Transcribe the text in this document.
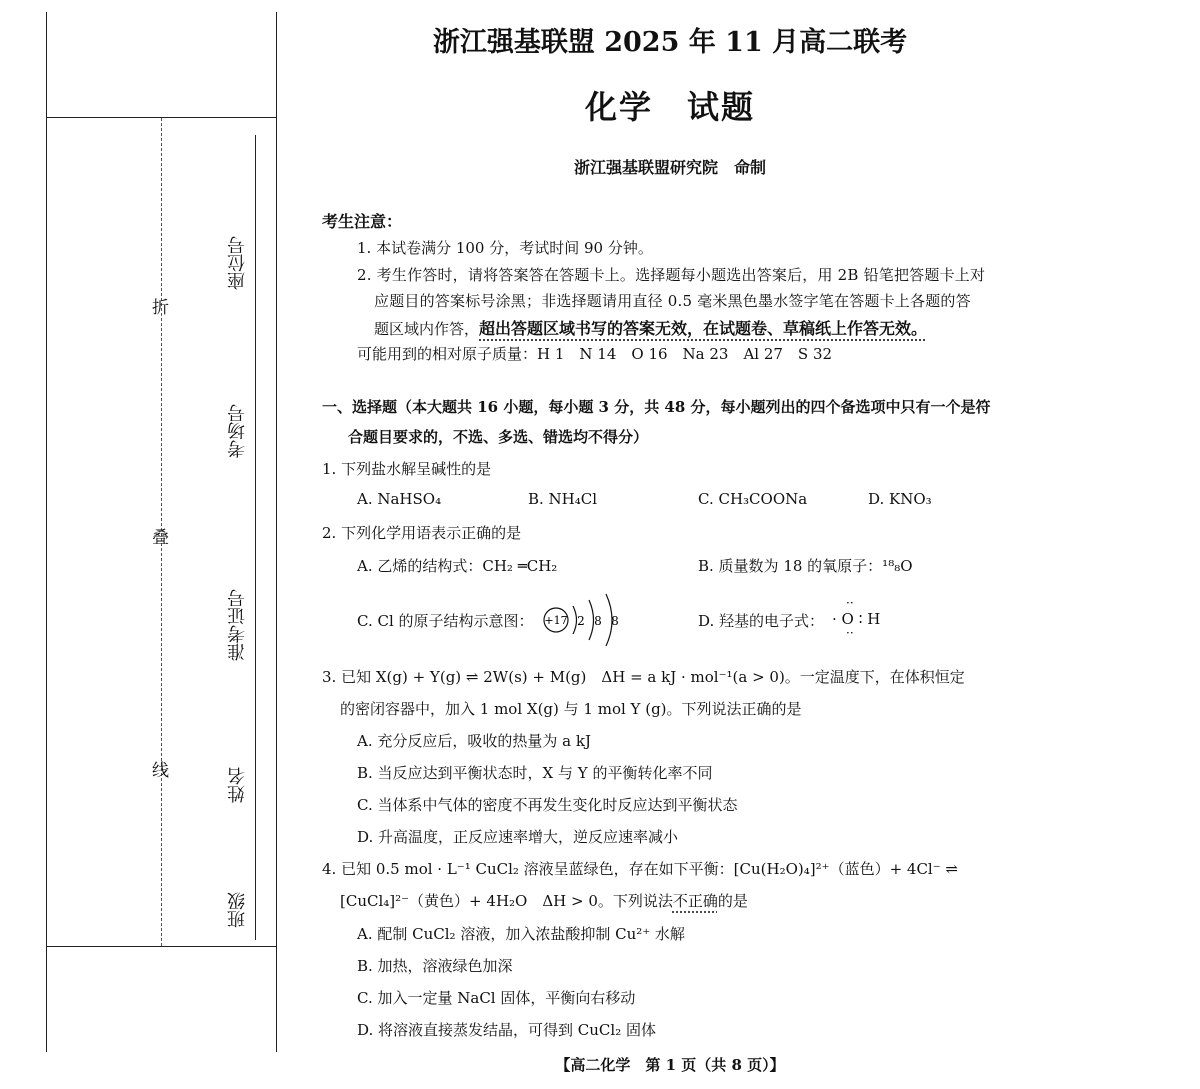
折
叠
线
座位号
考场号
准考证号
姓名
班级
浙江强基联盟 2025 年 11 月高二联考
化学　试题
浙江强基联盟研究院　命制
考生注意：
1. 本试卷满分 100 分，考试时间 90 分钟。
2. 考生作答时，请将答案答在答题卡上。选择题每小题选出答案后，用 2B 铅笔把答题卡上对
应题目的答案标号涂黑；非选择题请用直径 0.5 毫米黑色墨水签字笔在答题卡上各题的答
题区域内作答，超出答题区域书写的答案无效，在试题卷、草稿纸上作答无效。
可能用到的相对原子质量：H 1　N 14　O 16　Na 23　Al 27　S 32
一、选择题（本大题共 16 小题，每小题 3 分，共 48 分，每小题列出的四个备选项中只有一个是符
合题目要求的，不选、多选、错选均不得分）
1. 下列盐水解呈碱性的是
A. NaHSO₄	B. NH₄Cl	C. CH₃COONa	D. KNO₃
2. 下列化学用语表示正确的是
A. 乙烯的结构式：CH₂ ═CH₂	B. 质量数为 18 的氧原子：¹⁸₈O
C. Cl 的原子结构示意图： +17 2 8 8	D. 羟基的电子式： · O ∶ H
··
··
3. 已知 X(g) + Y(g) ⇌ 2W(s) + M(g)　ΔH = a kJ · mol⁻¹(a > 0)。一定温度下，在体积恒定
的密闭容器中，加入 1 mol X(g) 与 1 mol Y (g)。下列说法正确的是
A. 充分反应后，吸收的热量为 a kJ
B. 当反应达到平衡状态时，X 与 Y 的平衡转化率不同
C. 当体系中气体的密度不再发生变化时反应达到平衡状态
D. 升高温度，正反应速率增大，逆反应速率减小
4. 已知 0.5 mol · L⁻¹ CuCl₂ 溶液呈蓝绿色，存在如下平衡：[Cu(H₂O)₄]²⁺（蓝色）+ 4Cl⁻ ⇌
[CuCl₄]²⁻（黄色）+ 4H₂O　ΔH > 0。下列说法不正确的是
A. 配制 CuCl₂ 溶液，加入浓盐酸抑制 Cu²⁺ 水解
B. 加热，溶液绿色加深
C. 加入一定量 NaCl 固体，平衡向右移动
D. 将溶液直接蒸发结晶，可得到 CuCl₂ 固体
【高二化学　第 1 页（共 8 页）】
